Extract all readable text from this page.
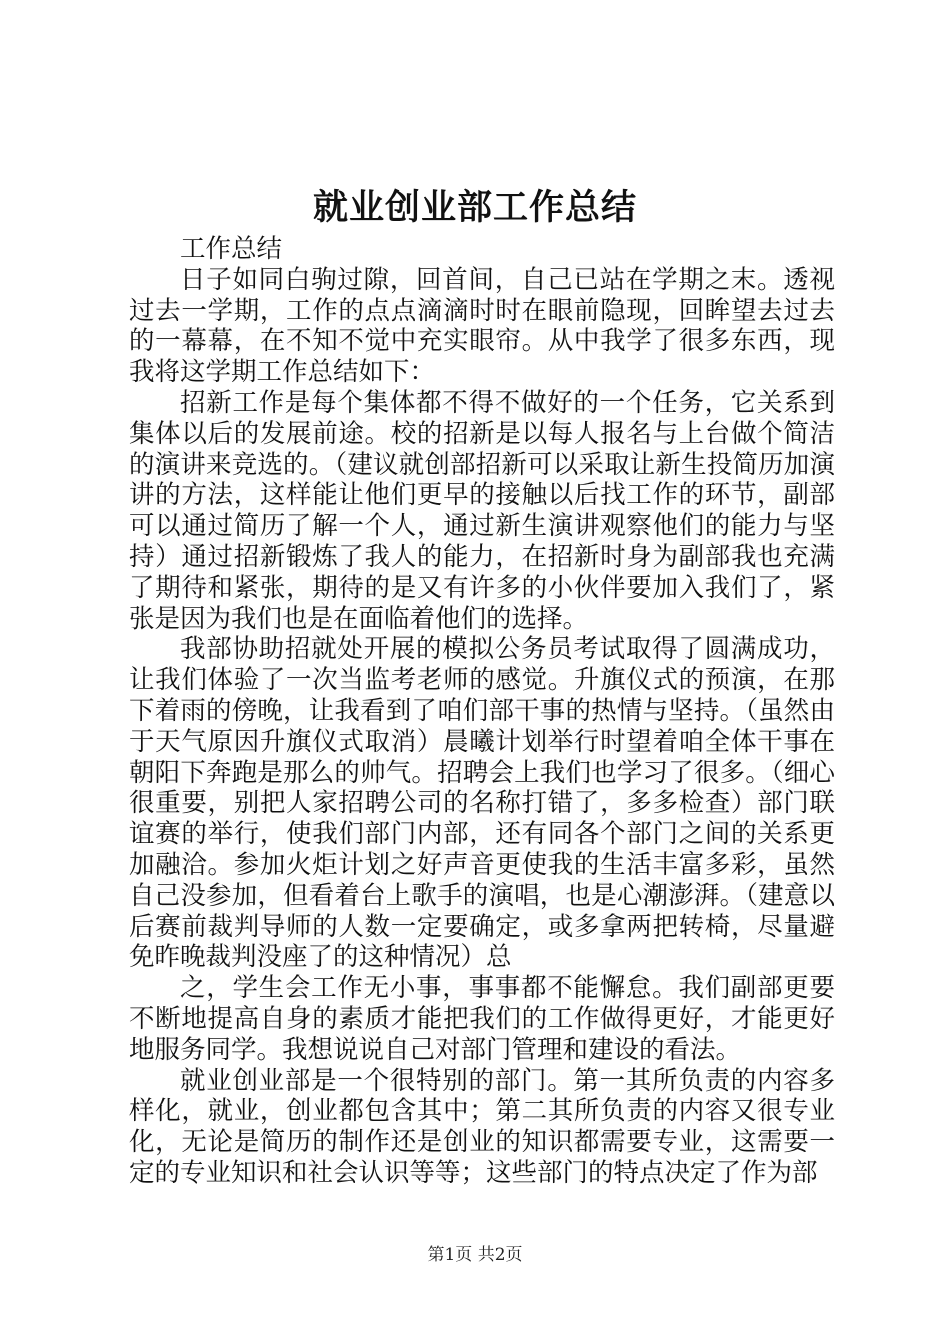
就业创业部工作总结

工作总结

日子如同白驹过隙，回首间，自己已站在学期之末。透视过去一学期，工作的点点滴滴时时在眼前隐现，回眸望去过去的一幕幕，在不知不觉中充实眼帘。从中我学了很多东西，现我将这学期工作总结如下：

招新工作是每个集体都不得不做好的一个任务，它关系到集体以后的发展前途。校的招新是以每人报名与上台做个简洁的演讲来竞选的。（建议就创部招新可以采取让新生投简历加演讲的方法，这样能让他们更早的接触以后找工作的环节，副部可以通过简历了解一个人，通过新生演讲观察他们的能力与坚持）通过招新锻炼了我人的能力，在招新时身为副部我也充满了期待和紧张，期待的是又有许多的小伙伴要加入我们了，紧张是因为我们也是在面临着他们的选择。

我部协助招就处开展的模拟公务员考试取得了圆满成功，让我们体验了一次当监考老师的感觉。升旗仪式的预演，在那下着雨的傍晚，让我看到了咱们部干事的热情与坚持。（虽然由于天气原因升旗仪式取消）晨曦计划举行时望着咱全体干事在朝阳下奔跑是那么的帅气。招聘会上我们也学习了很多。（细心很重要，别把人家招聘公司的名称打错了，多多检查）部门联谊赛的举行，使我们部门内部，还有同各个部门之间的关系更加融洽。参加火炬计划之好声音更使我的生活丰富多彩，虽然自己没参加，但看着台上歌手的演唱，也是心潮澎湃。（建意以后赛前裁判导师的人数一定要确定，或多拿两把转椅，尽量避免昨晚裁判没座了的这种情况）总

之，学生会工作无小事，事事都不能懈怠。我们副部更要不断地提高自身的素质才能把我们的工作做得更好，才能更好地服务同学。我想说说自己对部门管理和建设的看法。

就业创业部是一个很特别的部门。第一其所负责的内容多样化，就业，创业都包含其中；第二其所负责的内容又很专业化，无论是简历的制作还是创业的知识都需要专业，这需要一定的专业知识和社会认识等等；这些部门的特点决定了作为部

第1页 共2页
